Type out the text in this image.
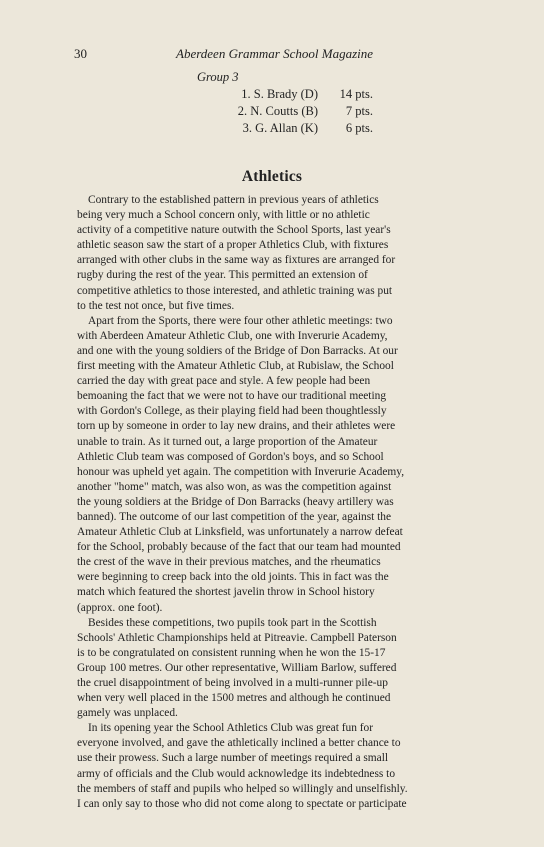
30	Aberdeen Grammar School Magazine
Group 3
1. S. Brady (D)	14 pts.
2. N. Coutts (B)	7 pts.
3. G. Allan (K)	6 pts.
Athletics
Contrary to the established pattern in previous years of athletics
being very much a School concern only, with little or no athletic
activity of a competitive nature outwith the School Sports, last year's
athletic season saw the start of a proper Athletics Club, with fixtures
arranged with other clubs in the same way as fixtures are arranged for
rugby during the rest of the year. This permitted an extension of
competitive athletics to those interested, and athletic training was put
to the test not once, but five times.
Apart from the Sports, there were four other athletic meetings: two
with Aberdeen Amateur Athletic Club, one with Inverurie Academy,
and one with the young soldiers of the Bridge of Don Barracks. At our
first meeting with the Amateur Athletic Club, at Rubislaw, the School
carried the day with great pace and style. A few people had been
bemoaning the fact that we were not to have our traditional meeting
with Gordon's College, as their playing field had been thoughtlessly
torn up by someone in order to lay new drains, and their athletes were
unable to train. As it turned out, a large proportion of the Amateur
Athletic Club team was composed of Gordon's boys, and so School
honour was upheld yet again. The competition with Inverurie Academy,
another "home" match, was also won, as was the competition against
the young soldiers at the Bridge of Don Barracks (heavy artillery was
banned). The outcome of our last competition of the year, against the
Amateur Athletic Club at Linksfield, was unfortunately a narrow defeat
for the School, probably because of the fact that our team had mounted
the crest of the wave in their previous matches, and the rheumatics
were beginning to creep back into the old joints. This in fact was the
match which featured the shortest javelin throw in School history
(approx. one foot).
Besides these competitions, two pupils took part in the Scottish
Schools' Athletic Championships held at Pitreavie. Campbell Paterson
is to be congratulated on consistent running when he won the 15-17
Group 100 metres. Our other representative, William Barlow, suffered
the cruel disappointment of being involved in a multi-runner pile-up
when very well placed in the 1500 metres and although he continued
gamely was unplaced.
In its opening year the School Athletics Club was great fun for
everyone involved, and gave the athletically inclined a better chance to
use their prowess. Such a large number of meetings required a small
army of officials and the Club would acknowledge its indebtedness to
the members of staff and pupils who helped so willingly and unselfishly.
I can only say to those who did not come along to spectate or participate
